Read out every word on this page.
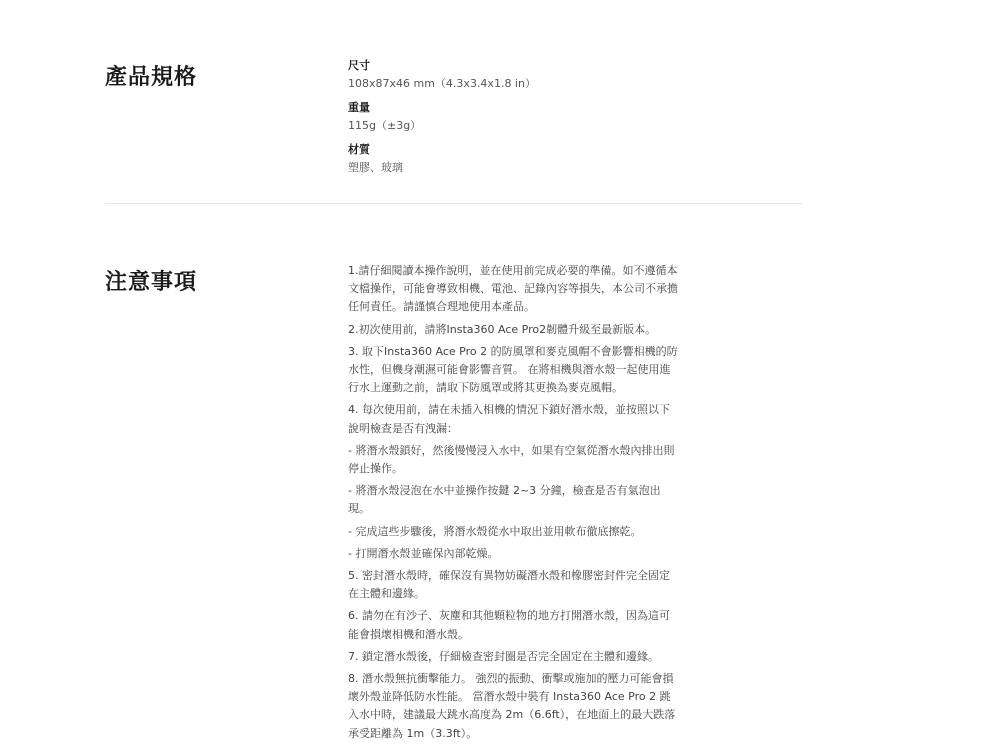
產品規格	尺寸
108x87x46 mm（4.3x3.4x1.8 in）
重量
115g（±3g）
材質
塑膠、玻璃
注意事項	1.請仔細閱讀本操作說明，並在使用前完成必要的準備。如不遵循本文檔操作，可能會導致相機、電池、記錄內容等損失，本公司不承擔任何責任。請謹慎合理地使用本產品。

2.初次使用前，請將Insta360 Ace Pro2韌體升級至最新版本。

3. 取下Insta360 Ace Pro 2 的防風罩和麥克風帽不會影響相機的防水性，但機身潮濕可能會影響音質。 在將相機與潛水殼一起使用進行水上運動之前，請取下防風罩或將其更換為麥克風帽。

4. 每次使用前，請在未插入相機的情況下鎖好潛水殼，並按照以下說明檢查是否有洩漏：

- 將潛水殼鎖好，然後慢慢浸入水中，如果有空氣從潛水殼內排出則停止操作。

- 將潛水殼浸泡在水中並操作按鍵 2~3 分鐘，檢查是否有氣泡出現。

- 完成這些步驟後，將潛水殼從水中取出並用軟布徹底擦乾。

- 打開潛水殼並確保內部乾燥。

5. 密封潛水殼時，確保沒有異物妨礙潛水殼和橡膠密封件完全固定在主體和邊緣。

6. 請勿在有沙子、灰塵和其他顆粒物的地方打開潛水殼，因為這可能會損壞相機和潛水殼。

7. 鎖定潛水殼後，仔細檢查密封圈是否完全固定在主體和邊緣。

8. 潛水殼無抗衝擊能力。 強烈的振動、衝擊或施加的壓力可能會損壞外殼並降低防水性能。 當潛水殼中裝有 Insta360 Ace Pro 2 跳入水中時，建議最大跳水高度為 2m（6.6ft），在地面上的最大跌落承受距離為 1m（3.3ft）。
